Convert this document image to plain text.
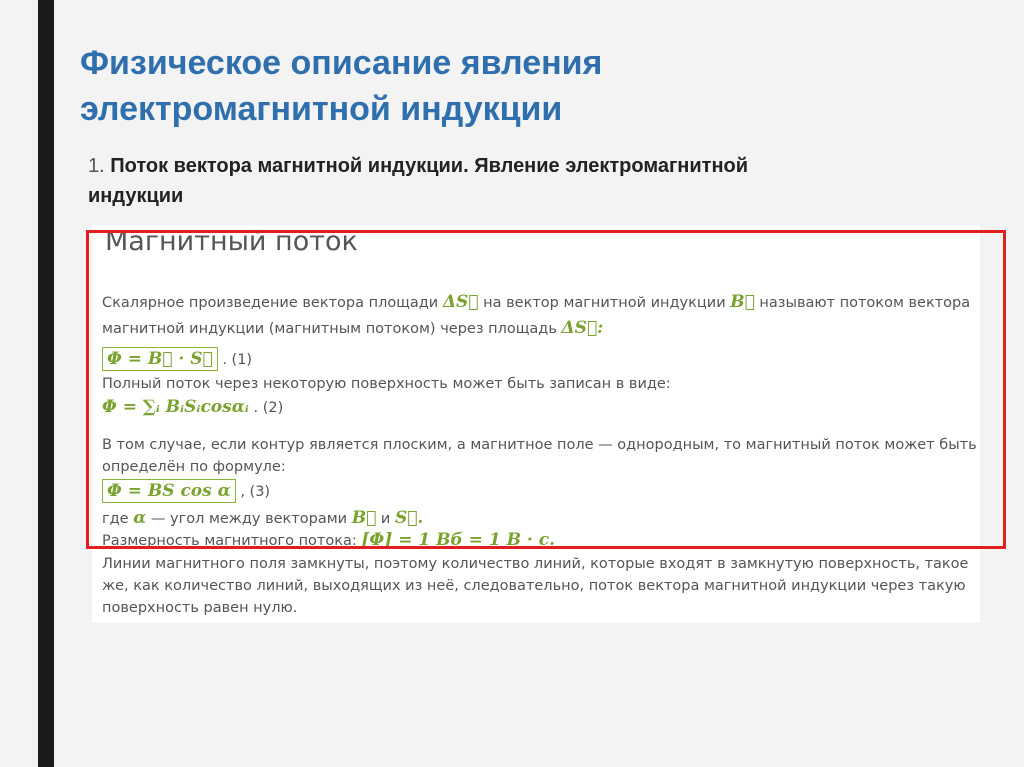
Физическое описание явления
электромагнитной индукции
1. Поток вектора магнитной индукции. Явление электромагнитной
индукции
Магнитный поток
Скалярное произведение вектора площади ΔS⃗ на вектор магнитной индукции B⃗ называют потоком вектора
магнитной индукции (магнитным потоком) через площадь ΔS⃗:
Φ = B⃗ · S⃗ . (1)
Полный поток через некоторую поверхность может быть записан в виде:
Φ = ∑ᵢ BᵢSᵢcosαᵢ . (2)
В том случае, если контур является плоским, а магнитное поле — однородным, то магнитный поток может быть
определён по формуле:
Φ = BS cos α , (3)
где α — угол между векторами B⃗ и S⃗.
Размерность магнитного потока: [Φ] = 1 Вб = 1 В · с.
Линии магнитного поля замкнуты, поэтому количество линий, которые входят в замкнутую поверхность, такое
же, как количество линий, выходящих из неё, следовательно, поток вектора магнитной индукции через такую
поверхность равен нулю.
